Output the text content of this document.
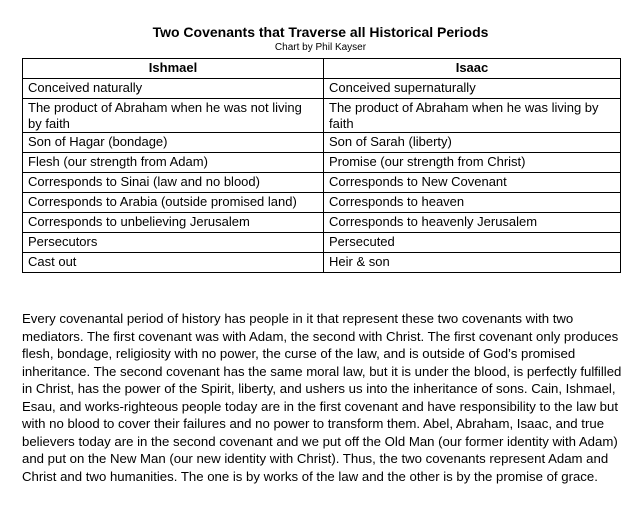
Two Covenants that Traverse all Historical Periods
Chart by Phil Kayser
Ishmael	Isaac
Conceived naturally	Conceived supernaturally
The product of Abraham when he was not living by faith	The product of Abraham when he was living by faith
Son of Hagar (bondage)	Son of Sarah (liberty)
Flesh (our strength from Adam)	Promise (our strength from Christ)
Corresponds to Sinai (law and no blood)	Corresponds to New Covenant
Corresponds to Arabia (outside promised land)	Corresponds to heaven
Corresponds to unbelieving Jerusalem	Corresponds to heavenly Jerusalem
Persecutors	Persecuted
Cast out	Heir & son

Every covenantal period of history has people in it that represent these two covenants with two mediators. The first covenant was with Adam, the second with Christ. The first covenant only produces flesh, bondage, religiosity with no power, the curse of the law, and is outside of God’s promised inheritance. The second covenant has the same moral law, but it is under the blood, is perfectly fulfilled in Christ, has the power of the Spirit, liberty, and ushers us into the inheritance of sons. Cain, Ishmael, Esau, and works-righteous people today are in the first covenant and have responsibility to the law but with no blood to cover their failures and no power to transform them. Abel, Abraham, Isaac, and true believers today are in the second covenant and we put off the Old Man (our former identity with Adam) and put on the New Man (our new identity with Christ). Thus, the two covenants represent Adam and Christ and two humanities. The one is by works of the law and the other is by the promise of grace.
